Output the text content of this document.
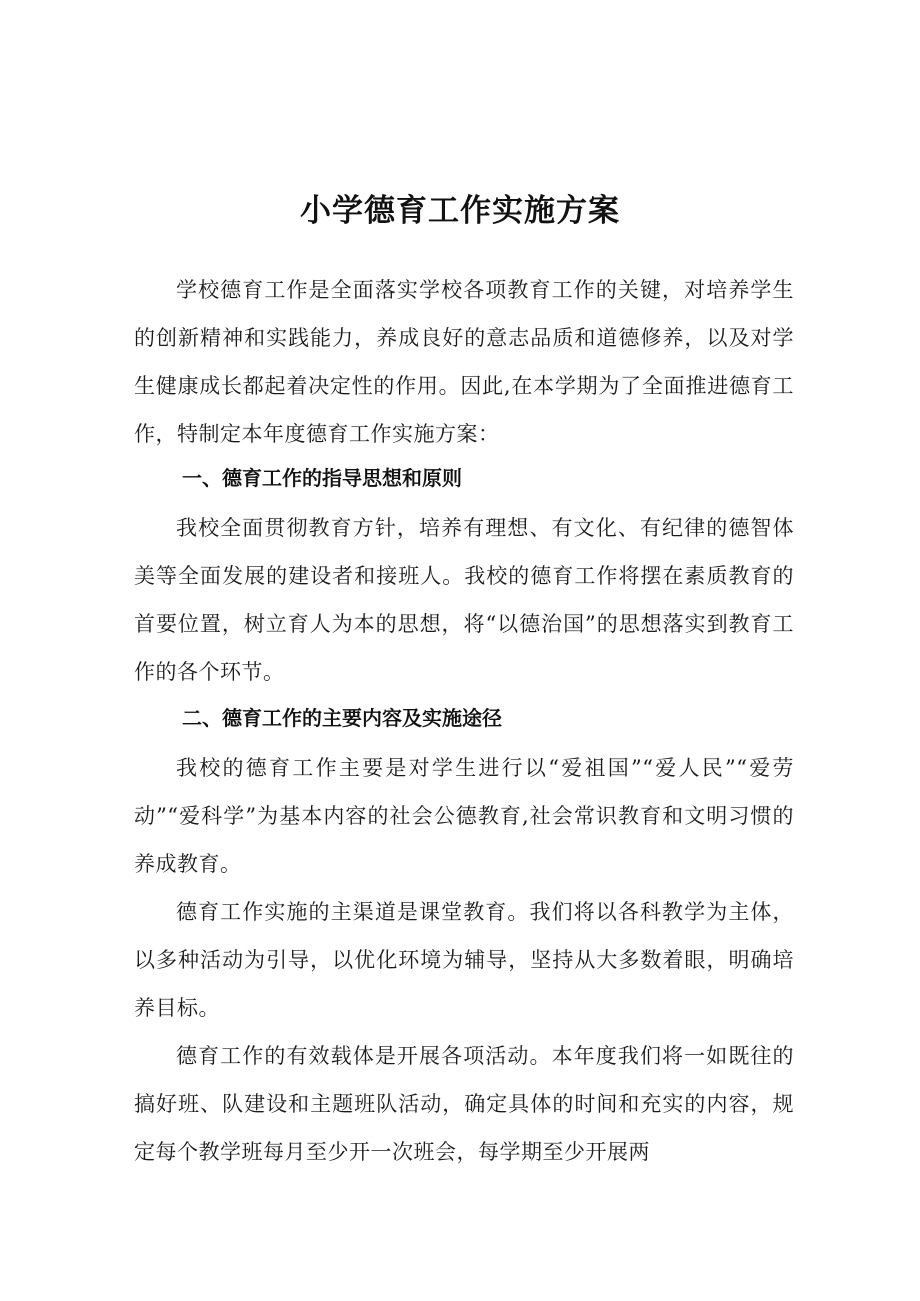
小学德育工作实施方案

学校德育工作是全面落实学校各项教育工作的关键，对培养学生的创新精神和实践能力，养成良好的意志品质和道德修养，以及对学生健康成长都起着决定性的作用。因此,在本学期为了全面推进德育工作，特制定本年度德育工作实施方案：

一、德育工作的指导思想和原则

我校全面贯彻教育方针，培养有理想、有文化、有纪律的德智体美等全面发展的建设者和接班人。我校的德育工作将摆在素质教育的首要位置，树立育人为本的思想，将“以德治国”的思想落实到教育工作的各个环节。

二、德育工作的主要内容及实施途径

我校的德育工作主要是对学生进行以“爱祖国”“爱人民”“爱劳动”“爱科学”为基本内容的社会公德教育,社会常识教育和文明习惯的养成教育。

德育工作实施的主渠道是课堂教育。我们将以各科教学为主体，以多种活动为引导，以优化环境为辅导，坚持从大多数着眼，明确培养目标。

德育工作的有效载体是开展各项活动。本年度我们将一如既往的搞好班、队建设和主题班队活动，确定具体的时间和充实的内容，规定每个教学班每月至少开一次班会，每学期至少开展两
